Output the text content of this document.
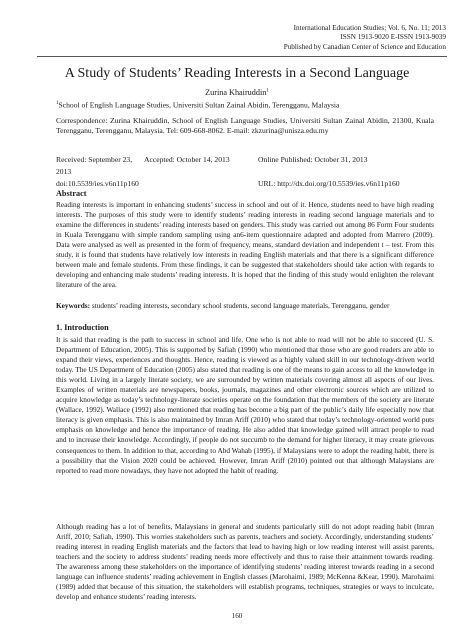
International Education Studies; Vol. 6, No. 11; 2013
ISSN 1913-9020 E-ISSN 1913-9039
Published by Canadian Center of Science and Education
A Study of Students’ Reading Interests in a Second Language
Zurina Khairuddin$^1$

$^1$School of English Language Studies, Universiti Sultan Zainal Abidin, Terengganu, Malaysia

Correspondence: Zurina Khairuddin, School of English Language Studies, Universiti Sultan Zainal Abidin, 21300, Kuala Terengganu, Terengganu, Malaysia. Tel: 609-668-8062. E-mail: zkzurina@unisza.edu.my

Received: September 23, 2013
Accepted: October 14, 2013	Online Published: October 31, 2013
doi:10.5539/ies.v6n11p160	URL: http://dx.doi.org/10.5539/ies.v6n11p160
Abstract

Reading interests is important in enhancing students’ success in school and out of it. Hence, students need to have high reading interests. The purposes of this study were to identify students’ reading interests in reading second language materials and to examine the differences in students’ reading interests based on genders. This study was carried out among 86 Form Four students in Kuala Terengganu with simple random sampling using an6-item questionnaire adapted and adopted from Marrero (2009). Data were analysed as well as presented in the form of frequency, means, standard deviation and independent t – test. From this study, it is found that students have relatively low interests in reading English materials and that there is a significant difference between male and female students. From these findings, it can be suggested that stakeholders should take action with regards to developing and enhancing male students’ reading interests. It is hoped that the finding of this study would enlighten the relevant literature of the area.

Keywords: students’ reading interests, secondary school students, second language materials, Terengganu, gender

1. Introduction

It is said that reading is the path to success in school and life. One who is not able to read will not be able to succeed (U. S. Department of Education, 2005). This is supported by Safiah (1990) who mentioned that those who are good readers are able to expand their views, experiences and thoughts. Hence, reading is viewed as a highly valued skill in our technology-driven world today. The US Department of Education (2005) also stated that reading is one of the means to gain access to all the knowledge in this world. Living in a largely literate society, we are surrounded by written materials covering almost all aspects of our lives. Examples of written materials are newspapers, books, journals, magazines and other electronic sources which are utilized to acquire knowledge as today’s technology-literate societies operate on the foundation that the members of the society are literate (Wallace, 1992). Wallace (1992) also mentioned that reading has become a big part of the public’s daily life especially now that literacy is given emphasis. This is also maintained by Imran Ariff (2010) who stated that today’s technology-oriented world puts emphasis on knowledge and hence the importance of reading. He also added that knowledge gained will attract people to read and to increase their knowledge. Accordingly, if people do not succumb to the demand for higher literacy, it may create grievous consequences to them. In addition to that, according to Abd Wahab (1995), if Malaysians were to adopt the reading habit, there is a possibility that the Vision 2020 could be achieved. However, Imran Ariff (2010) pointed out that although Malaysians are reported to read more nowadays, they have not adopted the habit of reading.

Although reading has a lot of benefits, Malaysians in general and students particularly still do not adopt reading habit (Imran Ariff, 2010; Safiah, 1990). This worries stakeholders such as parents, teachers and society. Accordingly, understanding students’ reading interest in reading English materials and the factors that lead to having high or low reading interest will assist parents, teachers and the society to address students’ reading needs more effectively and thus to raise their attainment towards reading. The awareness among these stakeholders on the importance of identifying students’ reading interest towards reading in a second language can influence students’ reading achievement in English classes (Marohaimi, 1989; McKenna &Kear, 1990). Marohaimi (1989) added that because of this situation, the stakeholders will establish programs, techniques, strategies or ways to inculcate, develop and enhance students’ reading interests.

160
